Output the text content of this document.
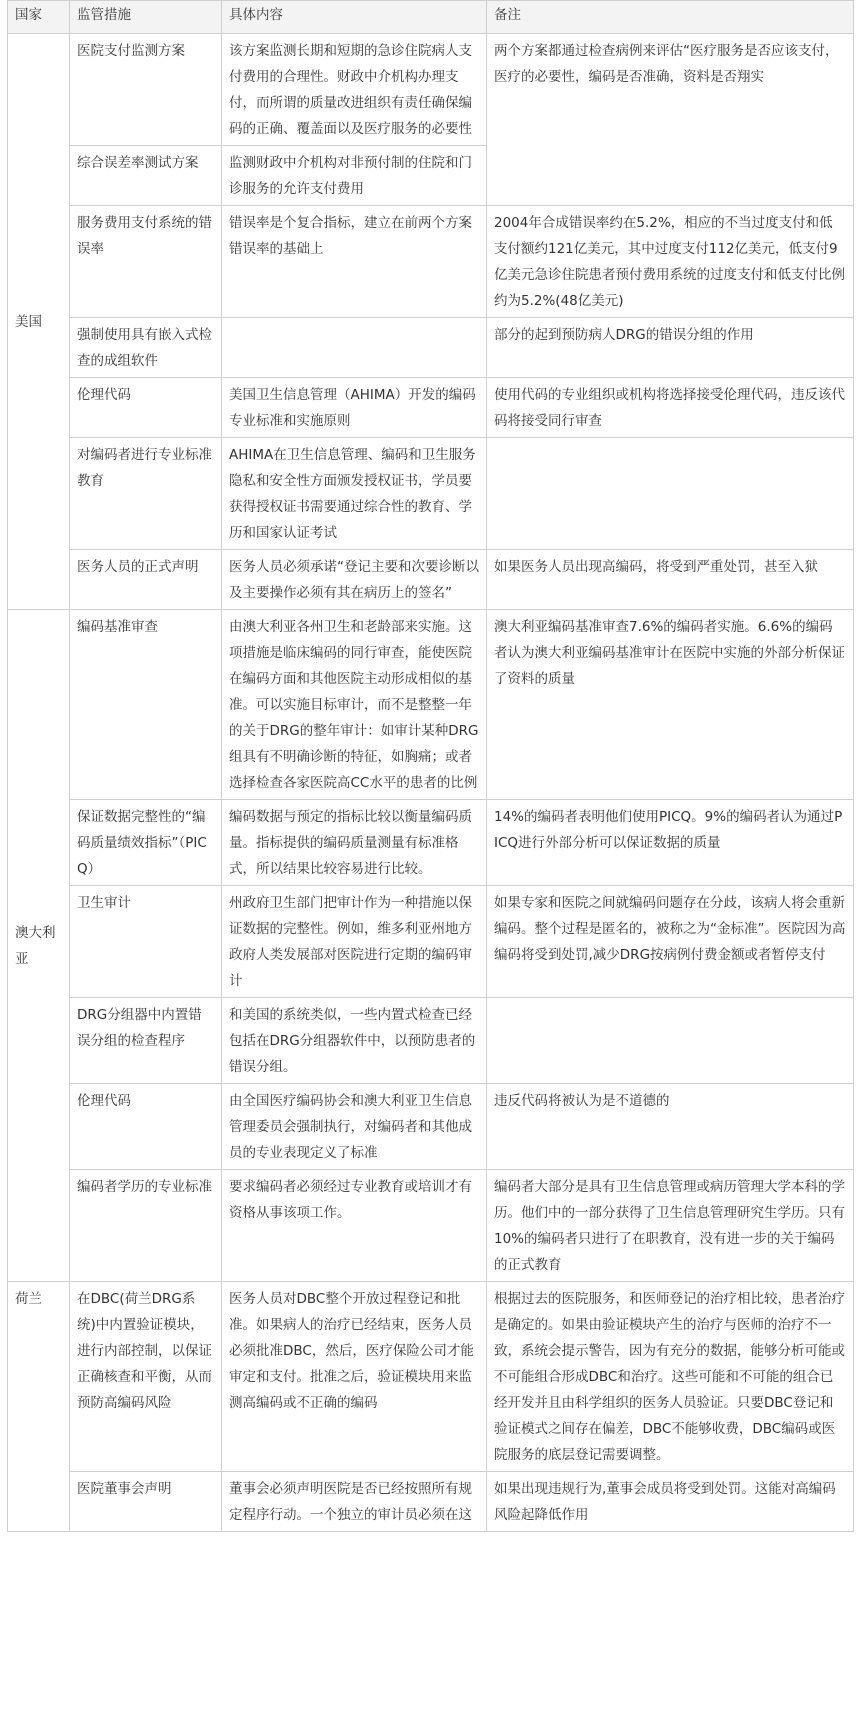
国家	监管措施	具体内容	备注
美国	医院支付监测方案	该方案监测长期和短期的急诊住院病人支付费用的合理性。财政中介机构办理支付，而所谓的质量改进组织有责任确保编码的正确、覆盖面以及医疗服务的必要性	两个方案都通过检查病例来评估“医疗服务是否应该支付，医疗的必要性，编码是否准确，资料是否翔实
	综合误差率测试方案	监测财政中介机构对非预付制的住院和门诊服务的允许支付费用	
	服务费用支付系统的错误率	错误率是个复合指标，建立在前两个方案错误率的基础上	2004年合成错误率约在5.2%，相应的不当过度支付和低支付额约121亿美元，其中过度支付112亿美元，低支付9亿美元急诊住院患者预付费用系统的过度支付和低支付比例约为5.2%(48亿美元)
	强制使用具有嵌入式检查的成组软件		部分的起到预防病人DRG的错误分组的作用
	伦理代码	美国卫生信息管理（AHIMA）开发的编码专业标准和实施原则	使用代码的专业组织或机构将选择接受伦理代码，违反该代码将接受同行审查
	对编码者进行专业标准教育	AHIMA在卫生信息管理、编码和卫生服务隐私和安全性方面颁发授权证书，学员要获得授权证书需要通过综合性的教育、学历和国家认证考试	
	医务人员的正式声明	医务人员必须承诺“登记主要和次要诊断以及主要操作必须有其在病历上的签名”	如果医务人员出现高编码，将受到严重处罚，甚至入狱
澳大利亚	编码基准审查	由澳大利亚各州卫生和老龄部来实施。这项措施是临床编码的同行审查，能使医院在编码方面和其他医院主动形成相似的基准。可以实施目标审计，而不是整整一年的关于DRG的整年审计：如审计某种DRG组具有不明确诊断的特征，如胸痛；或者选择检查各家医院高CC水平的患者的比例	澳大利亚编码基准审查7.6%的编码者实施。6.6%的编码者认为澳大利亚编码基准审计在医院中实施的外部分析保证了资料的质量
	保证数据完整性的“编码质量绩效指标”（PICQ）	编码数据与预定的指标比较以衡量编码质量。指标提供的编码质量测量有标准格式，所以结果比较容易进行比较。	14%的编码者表明他们使用PICQ。9%的编码者认为通过PICQ进行外部分析可以保证数据的质量
	卫生审计	州政府卫生部门把审计作为一种措施以保证数据的完整性。例如，维多利亚州地方政府人类发展部对医院进行定期的编码审计	如果专家和医院之间就编码问题存在分歧，该病人将会重新编码。整个过程是匿名的，被称之为“金标准”。医院因为高编码将受到处罚,减少DRG按病例付费金额或者暂停支付
	DRG分组器中内置错误分组的检查程序	和美国的系统类似，一些内置式检查已经包括在DRG分组器软件中，以预防患者的错误分组。	
	伦理代码	由全国医疗编码协会和澳大利亚卫生信息管理委员会强制执行，对编码者和其他成员的专业表现定义了标准	违反代码将被认为是不道德的
	编码者学历的专业标准	要求编码者必须经过专业教育或培训才有资格从事该项工作。	编码者大部分是具有卫生信息管理或病历管理大学本科的学历。他们中的一部分获得了卫生信息管理研究生学历。只有10%的编码者只进行了在职教育，没有进一步的关于编码的正式教育
荷兰	在DBC(荷兰DRG系统)中内置验证模块，进行内部控制，以保证正确核查和平衡，从而预防高编码风险	医务人员对DBC整个开放过程登记和批准。如果病人的治疗已经结束，医务人员必须批准DBC，然后，医疗保险公司才能审定和支付。批准之后，验证模块用来监测高编码或不正确的编码	根据过去的医院服务，和医师登记的治疗相比较，患者治疗是确定的。如果由验证模块产生的治疗与医师的治疗不一致，系统会提示警告，因为有充分的数据，能够分析可能或不可能组合形成DBC和治疗。这些可能和不可能的组合已经开发并且由科学组织的医务人员验证。只要DBC登记和验证模式之间存在偏差，DBC不能够收费，DBC编码或医院服务的底层登记需要调整。
	医院董事会声明	董事会必须声明医院是否已经按照所有规定程序行动。一个独立的审计员必须在这	如果出现违规行为,董事会成员将受到处罚。这能对高编码风险起降低作用
